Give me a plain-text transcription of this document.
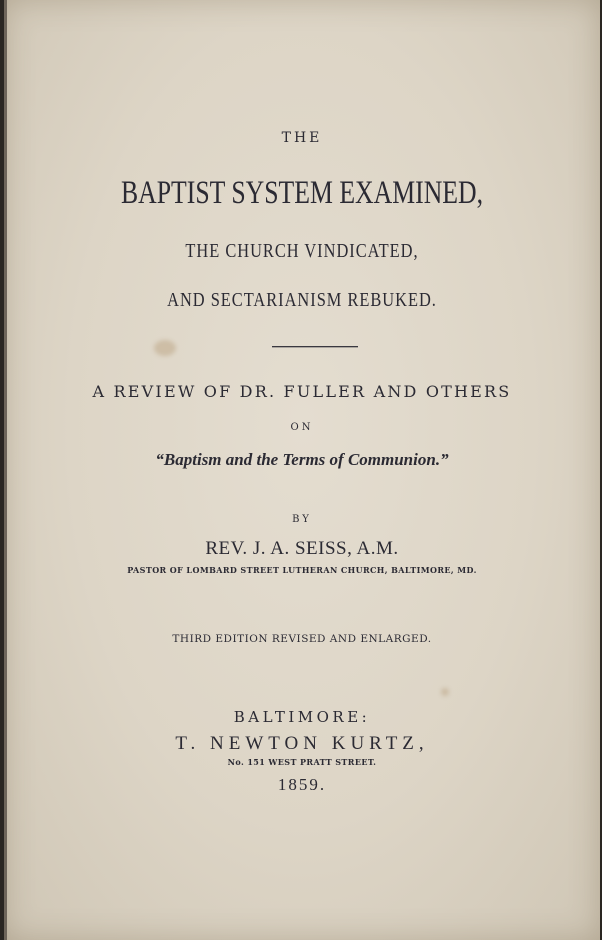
THE
BAPTIST SYSTEM EXAMINED,
THE CHURCH VINDICATED,
AND SECTARIANISM REBUKED.
A REVIEW OF DR. FULLER AND OTHERS
ON
“Baptism and the Terms of Communion.”
BY
REV. J. A. SEISS, A.M.
PASTOR OF LOMBARD STREET LUTHERAN CHURCH, BALTIMORE, MD.
THIRD EDITION REVISED AND ENLARGED.
BALTIMORE:
T. NEWTON KURTZ,
No. 151 WEST PRATT STREET.
1859.
